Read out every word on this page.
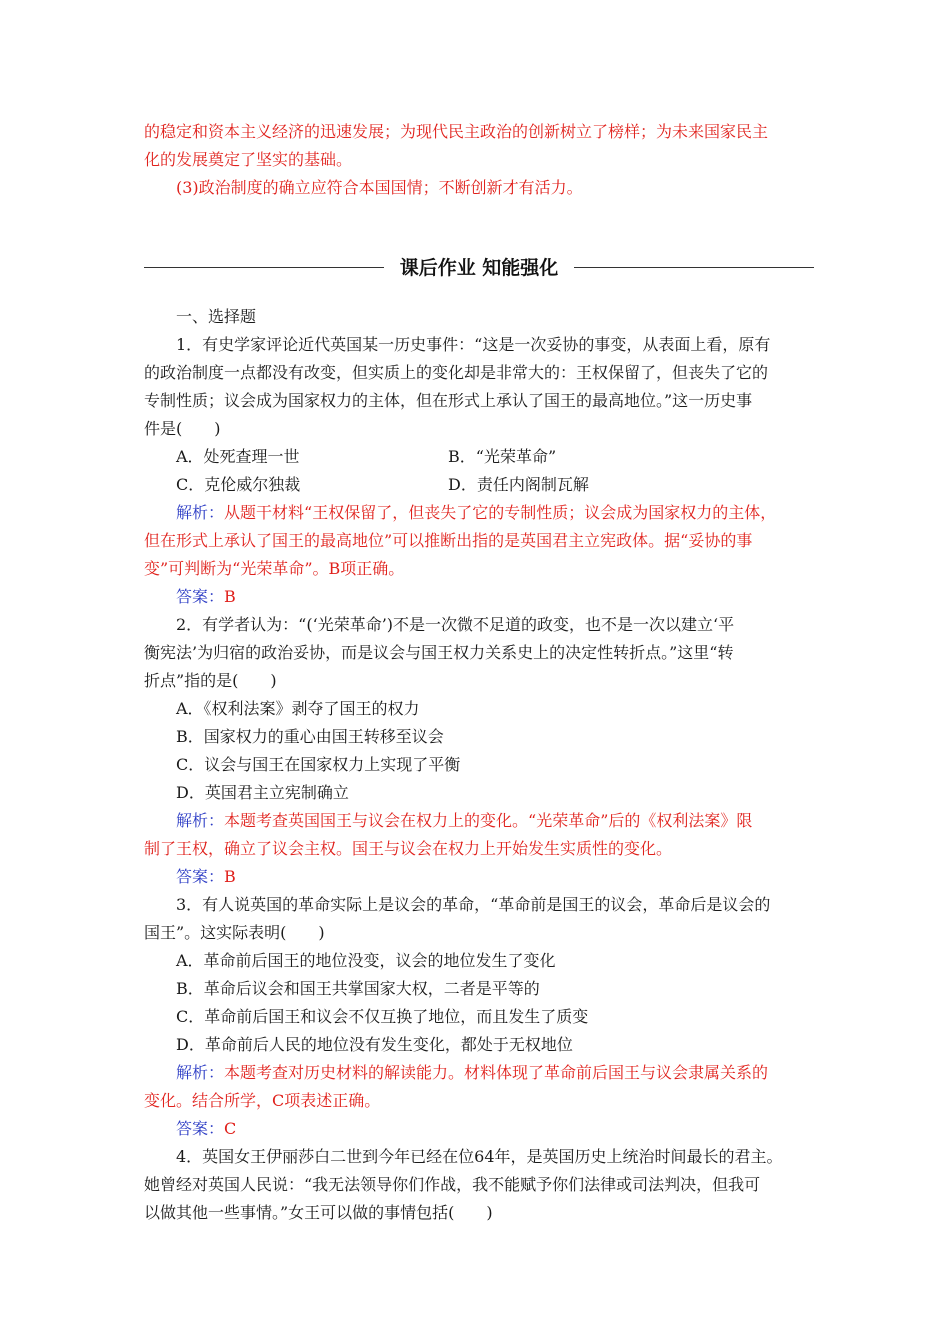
的稳定和资本主义经济的迅速发展；为现代民主政治的创新树立了榜样；为未来国家民主
化的发展奠定了坚实的基础。
(3)政治制度的确立应符合本国国情；不断创新才有活力。
课后作业 知能强化
一、选择题
1．有史学家评论近代英国某一历史事件：“这是一次妥协的事变，从表面上看，原有
的政治制度一点都没有改变，但实质上的变化却是非常大的：王权保留了，但丧失了它的
专制性质；议会成为国家权力的主体，但在形式上承认了国王的最高地位。”这一历史事
件是(　　)
A．处死查理一世	B．“光荣革命”
C．克伦威尔独裁	D．责任内阁制瓦解
解析：从题干材料“王权保留了，但丧失了它的专制性质；议会成为国家权力的主体，
但在形式上承认了国王的最高地位”可以推断出指的是英国君主立宪政体。据“妥协的事
变”可判断为“光荣革命”。B项正确。
答案：B
2．有学者认为：“(‘光荣革命’)不是一次微不足道的政变，也不是一次以建立‘平
衡宪法’为归宿的政治妥协，而是议会与国王权力关系史上的决定性转折点。”这里“转
折点”指的是(　　)
A．《权利法案》剥夺了国王的权力
B．国家权力的重心由国王转移至议会
C．议会与国王在国家权力上实现了平衡
D．英国君主立宪制确立
解析：本题考查英国国王与议会在权力上的变化。“光荣革命”后的《权利法案》限
制了王权，确立了议会主权。国王与议会在权力上开始发生实质性的变化。
答案：B
3．有人说英国的革命实际上是议会的革命，“革命前是国王的议会，革命后是议会的
国王”。这实际表明(　　)
A．革命前后国王的地位没变，议会的地位发生了变化
B．革命后议会和国王共掌国家大权，二者是平等的
C．革命前后国王和议会不仅互换了地位，而且发生了质变
D．革命前后人民的地位没有发生变化，都处于无权地位
解析：本题考查对历史材料的解读能力。材料体现了革命前后国王与议会隶属关系的
变化。结合所学，C项表述正确。
答案：C
4．英国女王伊丽莎白二世到今年已经在位64年，是英国历史上统治时间最长的君主。
她曾经对英国人民说：“我无法领导你们作战，我不能赋予你们法律或司法判决，但我可
以做其他一些事情。”女王可以做的事情包括(　　)
